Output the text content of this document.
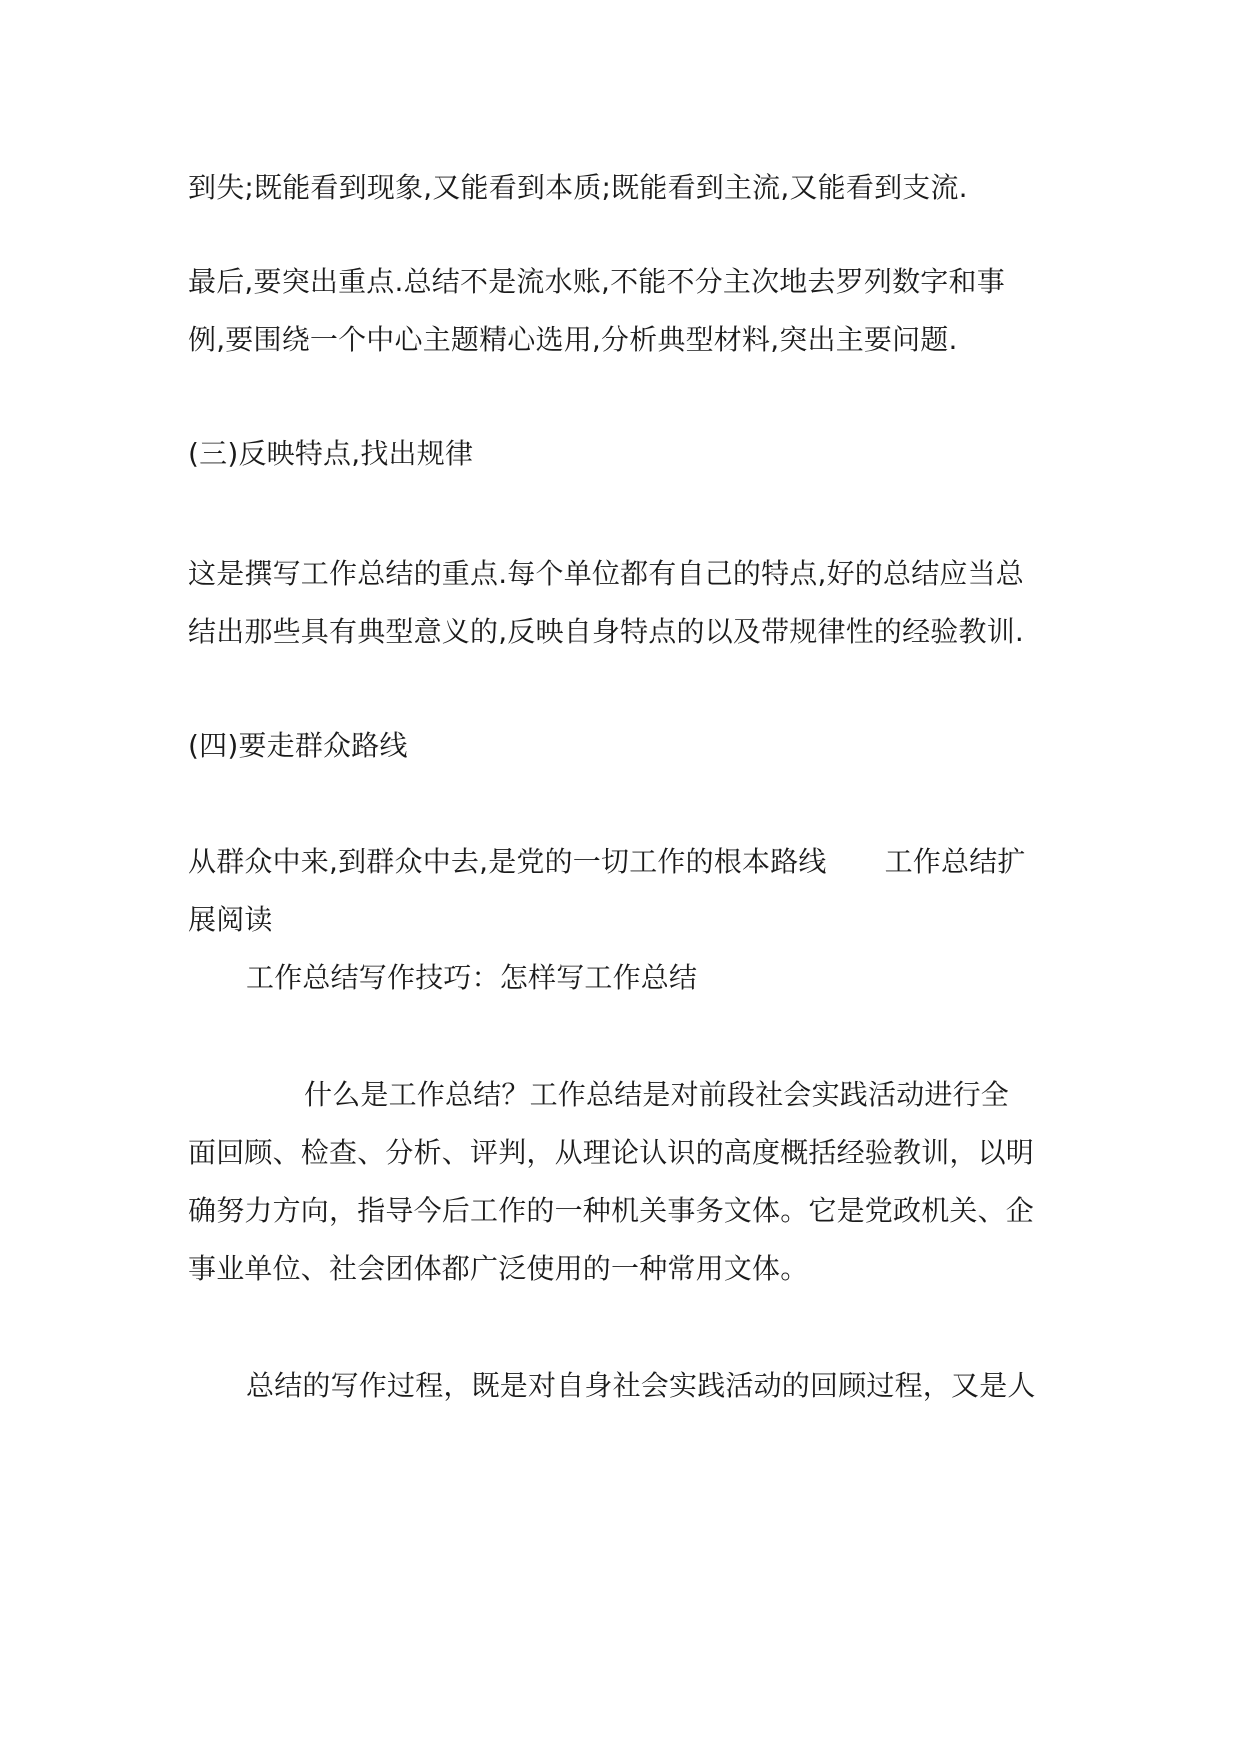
到失;既能看到现象,又能看到本质;既能看到主流,又能看到支流.
最后,要突出重点.总结不是流水账,不能不分主次地去罗列数字和事
例,要围绕一个中心主题精心选用,分析典型材料,突出主要问题.
(三)反映特点,找出规律
这是撰写工作总结的重点.每个单位都有自己的特点,好的总结应当总
结出那些具有典型意义的,反映自身特点的以及带规律性的经验教训.
(四)要走群众路线
从群众中来,到群众中去,是党的一切工作的根本路线 工作总结扩
展阅读
工作总结写作技巧：怎样写工作总结
什么是工作总结？工作总结是对前段社会实践活动进行全
面回顾、检查、分析、评判，从理论认识的高度概括经验教训，以明
确努力方向，指导今后工作的一种机关事务文体。它是党政机关、企
事业单位、社会团体都广泛使用的一种常用文体。
总结的写作过程，既是对自身社会实践活动的回顾过程，又是人
